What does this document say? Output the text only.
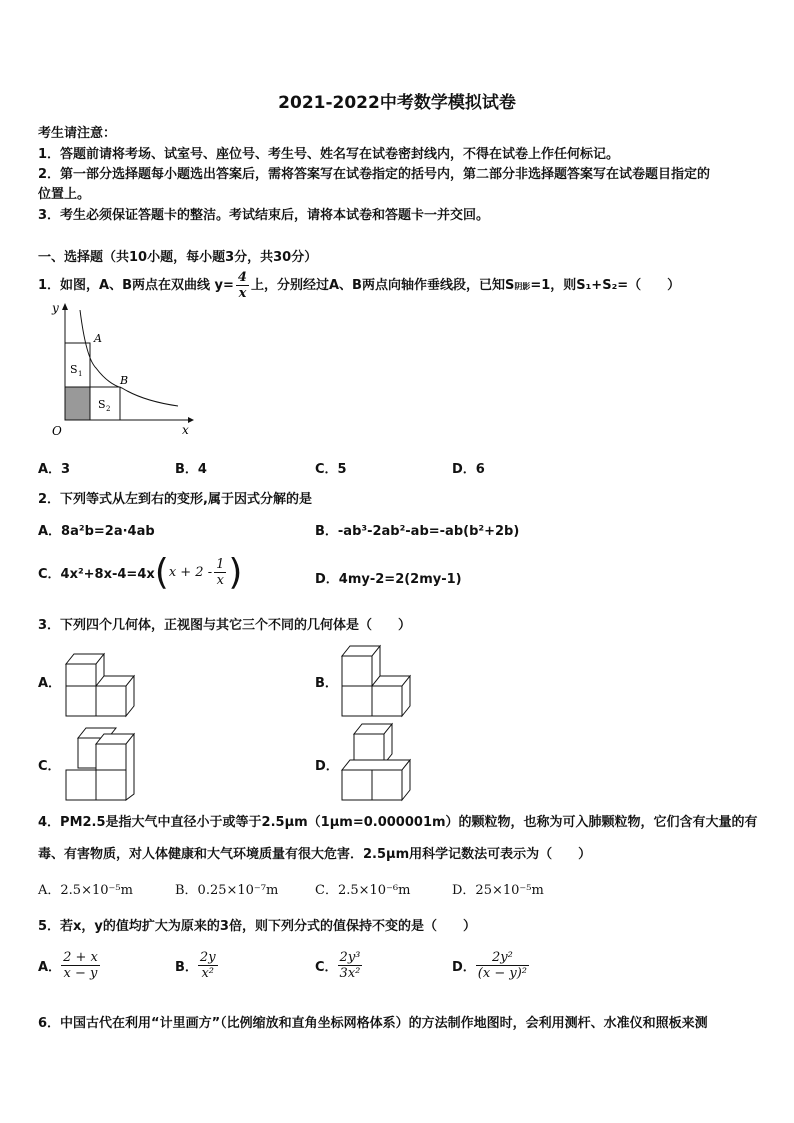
2021-2022中考数学模拟试卷
考生请注意：
1．答题前请将考场、试室号、座位号、考生号、姓名写在试卷密封线内，不得在试卷上作任何标记。
2．第一部分选择题每小题选出答案后，需将答案写在试卷指定的括号内，第二部分非选择题答案写在试卷题目指定的
位置上。
3．考生必须保证答题卡的整洁。考试结束后，请将本试卷和答题卡一并交回。
一、选择题（共10小题，每小题3分，共30分）
1．如图，A、B两点在双曲线 $y= \frac{4}{x}$ 上，分别经过A、B两点向轴作垂线段，已知S阴影=1，则S₁+S₂=（　　）
y
x
O
A
B
S 1
S 2
A．3	B．4	C．5	D．6
2．下列等式从左到右的变形,属于因式分解的是
A．8a²b=2a·4ab	B．-ab³-2ab²-ab=-ab(b²+2b)
C．$4x^2+8x-4=4x(x + 2 - \frac{1}{x}$ )	D．4my-2=2(2my-1)
3．下列四个几何体，正视图与其它三个不同的几何体是（　　）
A．	B．
C．	D．
4．PM2.5是指大气中直径小于或等于2.5μm（1μm=0.000001m）的颗粒物，也称为可入肺颗粒物，它们含有大量的有
毒、有害物质，对人体健康和大气环境质量有很大危害．2.5μm用科学记数法可表示为（　　）
A．2.5×10⁻⁵m	B．0.25×10⁻⁷m	C．2.5×10⁻⁶m	D．25×10⁻⁵m
5．若x，y的值均扩大为原来的3倍，则下列分式的值保持不变的是（　　）
A． $\frac{2 + x}{x - y}$	B． $\frac{2y}{\text{x²}}$	C． $\frac{\text{2y³}}{\text{3x²}}$	D． $\frac{\text{2y²}}{\text{(x − y)²}}$
6．中国古代在利用“计里画方”（比例缩放和直角坐标网格体系）的方法制作地图时，会利用测杆、水准仪和照板来测
